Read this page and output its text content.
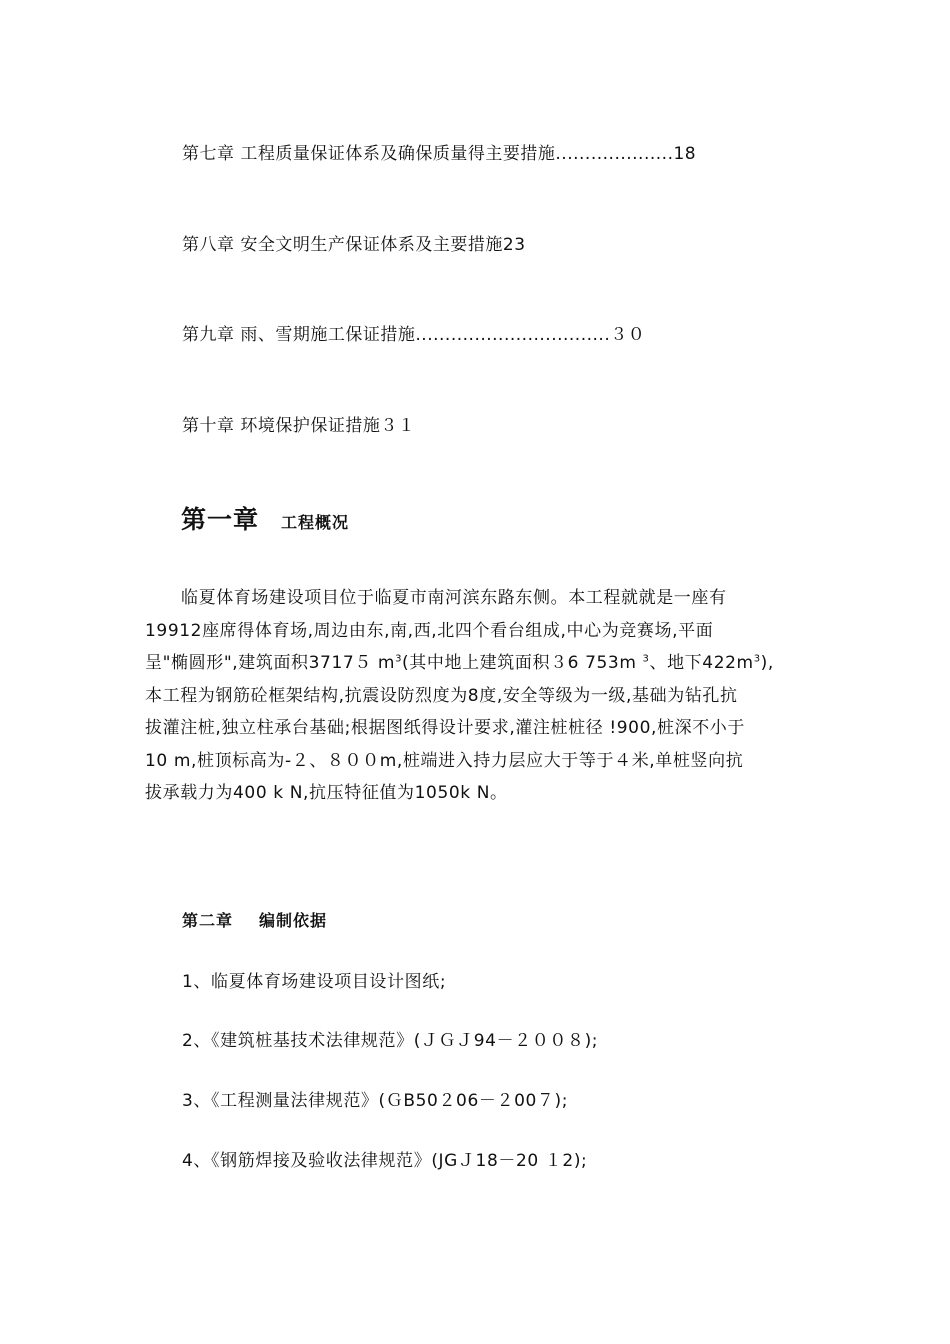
第七章 工程质量保证体系及确保质量得主要措施....................18
第八章 安全文明生产保证体系及主要措施23
第九章 雨、雪期施工保证措施.................................３０
第十章 环境保护保证措施３１
第一章 工程概况
临夏体育场建设项目位于临夏市南河滨东路东侧。本工程就就是一座有
19912座席得体育场,周边由东,南,西,北四个看台组成,中心为竞赛场,平面
呈"椭圆形",建筑面积3717５ $m^3$(其中地上建筑面积３6 753m $^3$、地下$422m^3$),
本工程为钢筋砼框架结构,抗震设防烈度为8度,安全等级为一级,基础为钻孔抗
拔灌注桩,独立柱承台基础;根据图纸得设计要求,灌注桩桩径 !900,桩深不小于
10 m,桩顶标高为-２、８００m,桩端进入持力层应大于等于４米,单桩竖向抗
拔承载力为400 k N,抗压特征值为1050k N。
第二章 编制依据
1、临夏体育场建设项目设计图纸;
2、《建筑桩基技术法律规范》(ＪＧＪ94－２００８);
3、《工程测量法律规范》(ＧB50２06－２00７);
4、《钢筋焊接及验收法律规范》(JGＪ18－20 １2);
